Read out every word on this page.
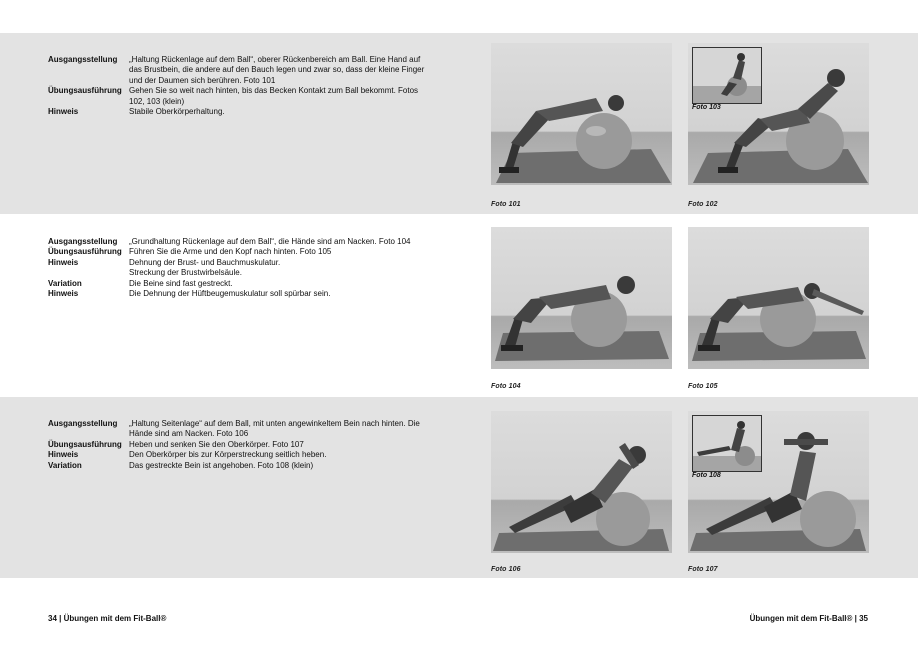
Ausgangsstellung	„Haltung Rückenlage auf dem Ball“, oberer Rückenbereich am Ball. Eine Hand auf das Brustbein, die andere auf den Bauch legen und zwar so, dass der kleine Finger und der Daumen sich berühren. Foto 101
Übungsausführung Gehen Sie so weit nach hinten, bis das Becken Kontakt zum Ball bekommt. Fotos 102, 103 (klein)
Hinweis	Stabile Oberkörperhaltung.
Foto 101
Foto 103
Foto 102
Ausgangsstellung	„Grundhaltung Rückenlage auf dem Ball“, die Hände sind am Nacken. Foto 104
Übungsausführung Führen Sie die Arme und den Kopf nach hinten. Foto 105
Hinweis	Dehnung der Brust- und Bauchmuskulatur.
Streckung der Brustwirbelsäule.
Variation	Die Beine sind fast gestreckt.
Hinweis	Die Dehnung der Hüftbeugemuskulatur soll spürbar sein.
Foto 104	Foto 105
Ausgangsstellung	„Haltung Seitenlage“ auf dem Ball, mit unten angewinkeltem Bein nach hinten. Die Hände sind am Nacken. Foto 106
Übungsausführung Heben und senken Sie den Oberkörper. Foto 107
Hinweis	Den Oberkörper bis zur Körperstreckung seitlich heben.
Variation	Das gestreckte Bein ist angehoben. Foto 108 (klein)
Foto 106
Foto 108
Foto 107
34 | Übungen mit dem Fit-Ball®	Übungen mit dem Fit-Ball® | 35
